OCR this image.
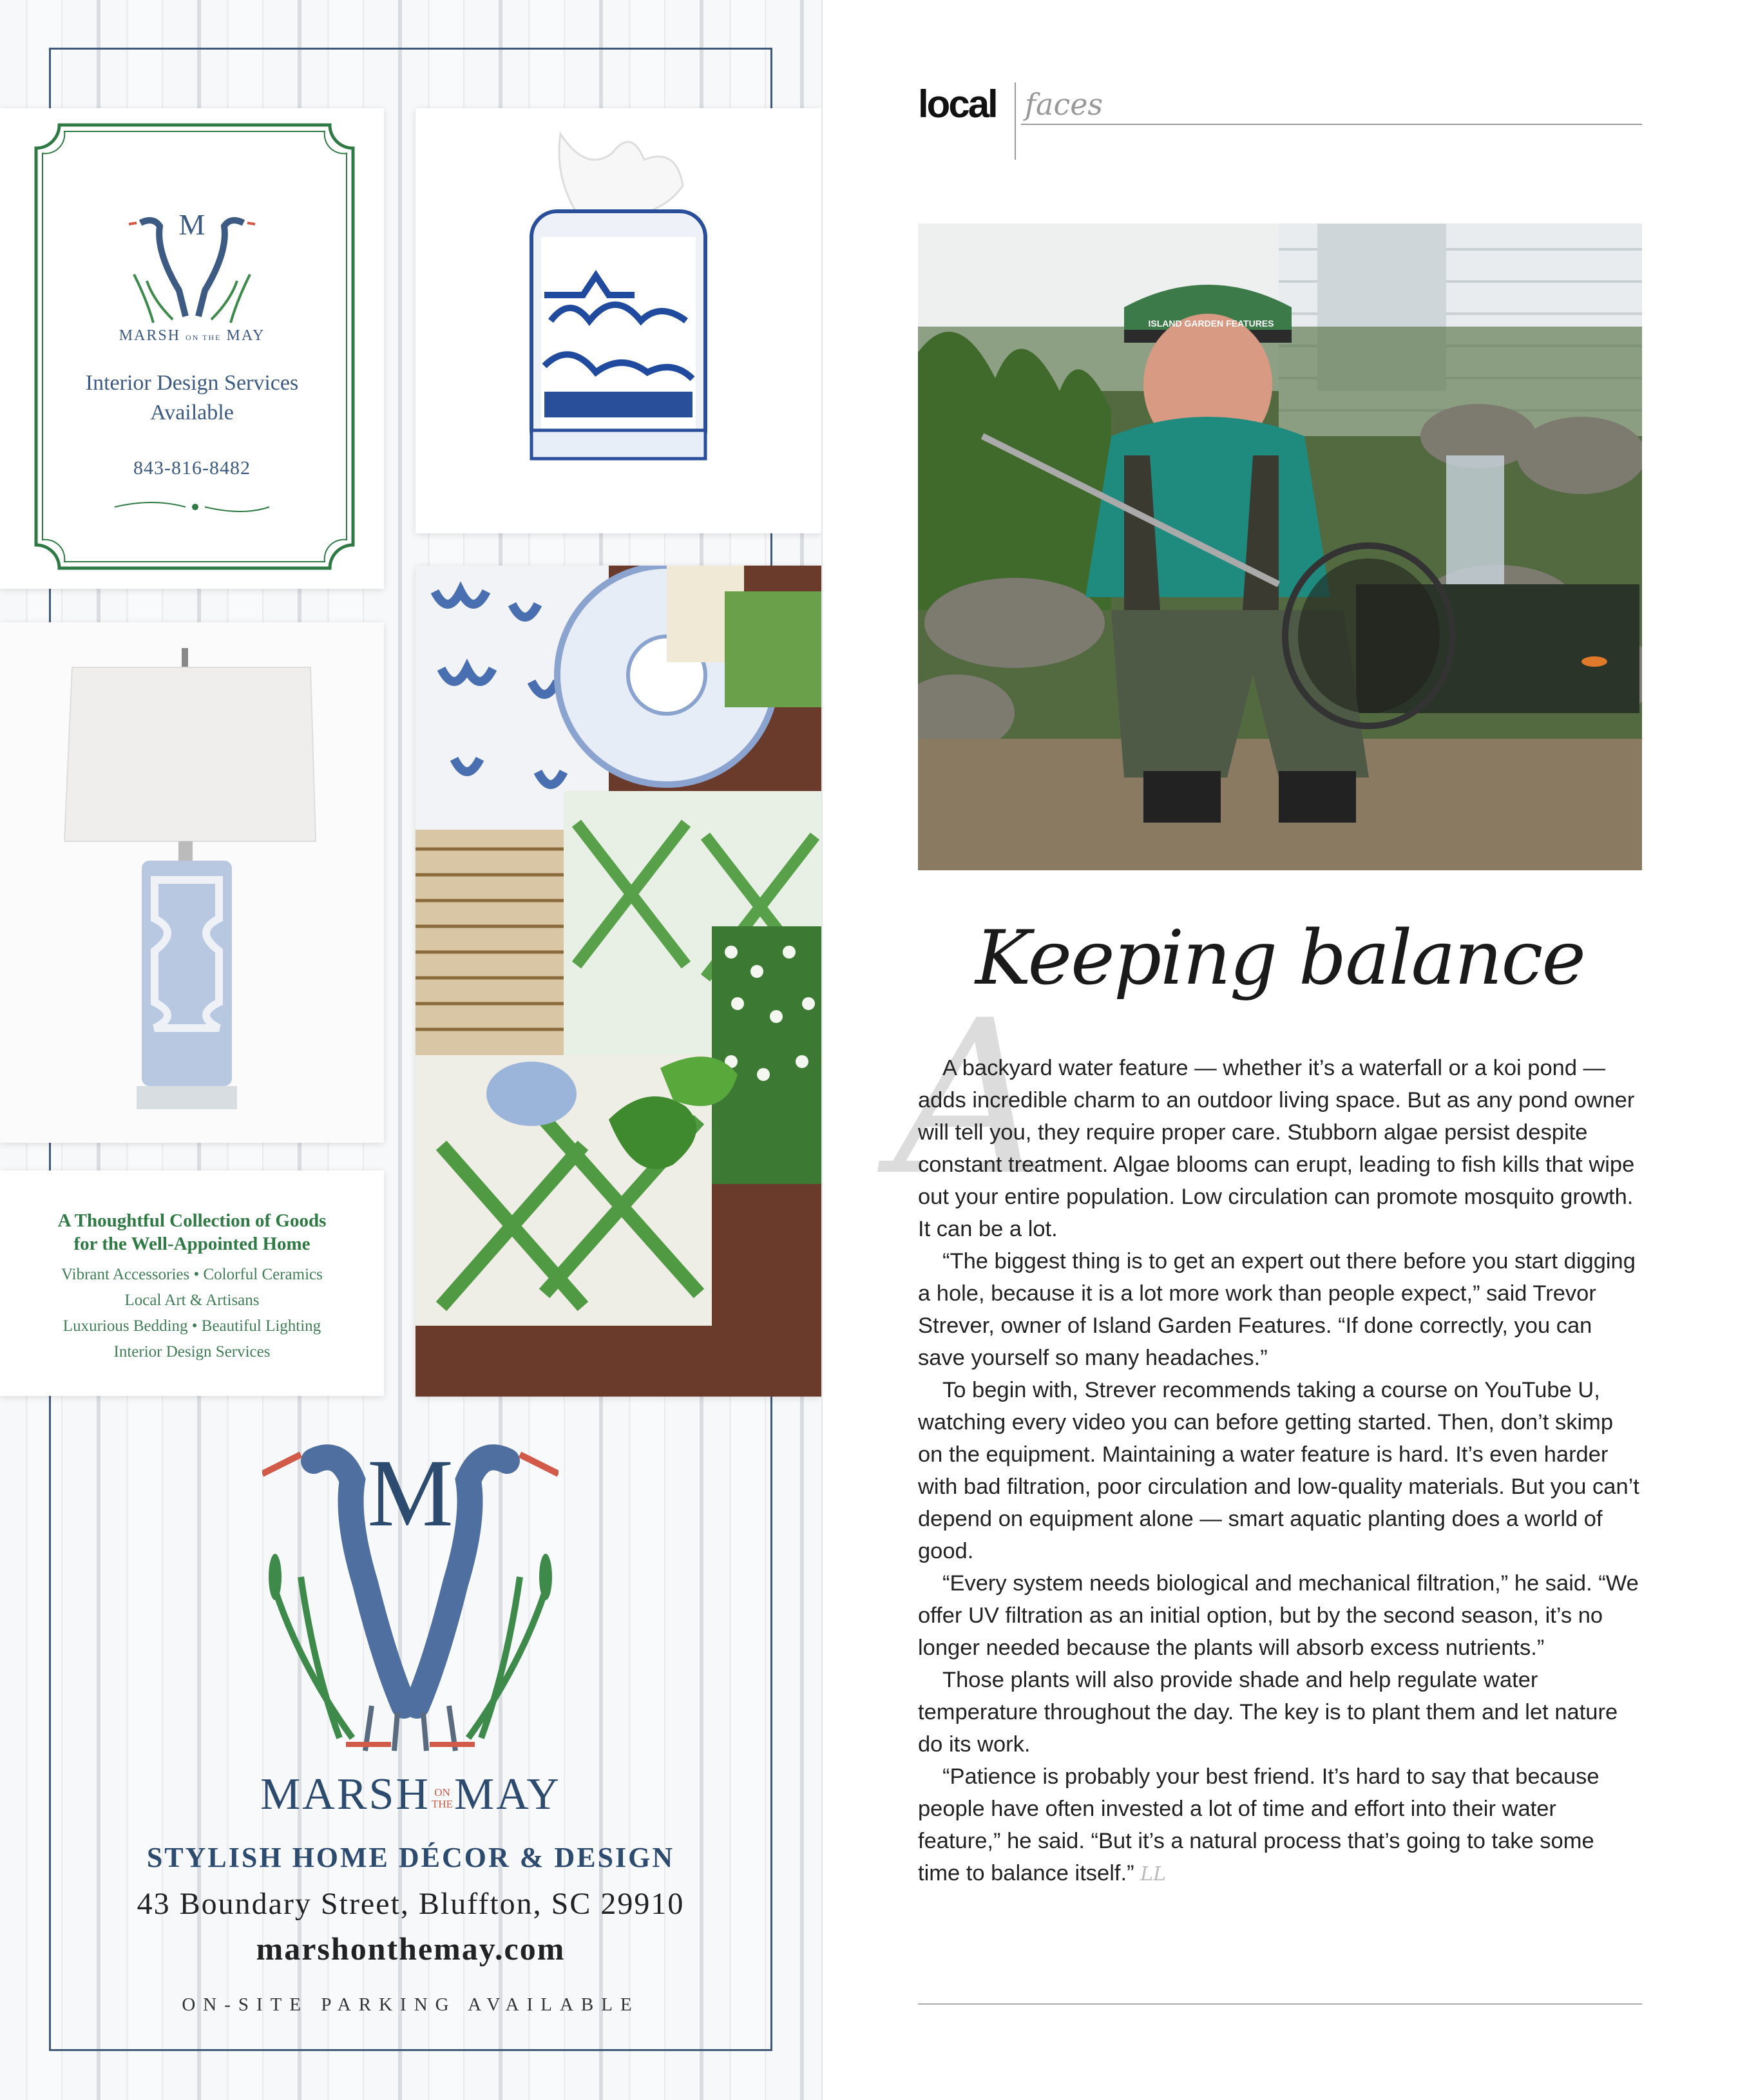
M
MARSH ON THE MAY
Interior Design Services
Available
843-816-8482
A Thoughtful Collection of Goods
for the Well-Appointed Home
Vibrant Accessories • Colorful Ceramics
Local Art & Artisans
Luxurious Bedding • Beautiful Lighting
Interior Design Services
M
MARSH ON
THE MAY
STYLISH HOME DÉCOR & DESIGN
43 Boundary Street, Bluffton, SC 29910
marshonthemay.com
ON-SITE PARKING AVAILABLE
local faces
ISLAND GARDEN FEATURES
Keeping balance
A

A backyard water feature — whether it’s a waterfall or a koi pond — adds incredible charm to an outdoor living space. But as any pond owner will tell you, they require proper care. Stubborn algae persist despite constant treatment. Algae blooms can erupt, leading to fish kills that wipe out your entire population. Low circulation can promote mosquito growth. It can be a lot.

“The biggest thing is to get an expert out there before you start digging a hole, because it is a lot more work than people expect,” said Trevor Strever, owner of Island Garden Features. “If done correctly, you can save yourself so many headaches.”

To begin with, Strever recommends taking a course on YouTube U, watching every video you can before getting started. Then, don’t skimp on the equipment. Maintaining a water feature is hard. It’s even harder with bad filtration, poor circulation and low-quality materials. But you can’t depend on equipment alone — smart aquatic planting does a world of good.

“Every system needs biological and mechanical filtration,” he said. “We offer UV filtration as an initial option, but by the second season, it’s no longer needed because the plants will absorb excess nutrients.”

Those plants will also provide shade and help regulate water temperature throughout the day. The key is to plant them and let nature do its work.

“Patience is probably your best friend. It’s hard to say that because people have often invested a lot of time and effort into their water feature,” he said. “But it’s a natural process that’s going to take some time to balance itself.” LL
